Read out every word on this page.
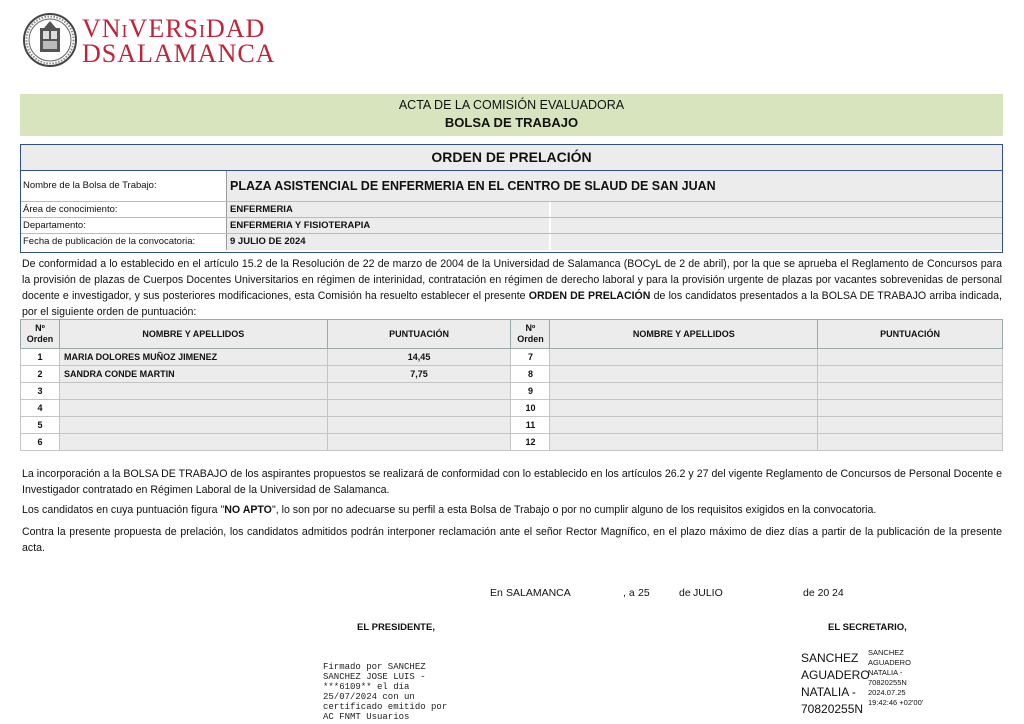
VNiVERSiDAD
DSALAMANCA
ACTA DE LA COMISIÓN EVALUADORA
BOLSA DE TRABAJO
ORDEN DE PRELACIÓN
Nombre de la Bolsa de Trabajo:	PLAZA ASISTENCIAL DE ENFERMERIA EN EL CENTRO DE SLAUD DE SAN JUAN
Área de conocimiento:	ENFERMERIA
Departamento:	ENFERMERIA Y FISIOTERAPIA
Fecha de publicación de la convocatoria:	9 JULIO DE 2024
De conformidad a lo establecido en el artículo 15.2 de la Resolución de 22 de marzo de 2004 de la Universidad de Salamanca (BOCyL de 2 de abril), por la que se aprueba el Reglamento de Concursos para la provisión de plazas de Cuerpos Docentes Universitarios en régimen de interinidad, contratación en régimen de derecho laboral y para la provisión urgente de plazas por vacantes sobrevenidas de personal docente e investigador, y sus posteriores modificaciones, esta Comisión ha resuelto establecer el presente ORDEN DE PRELACIÓN de los candidatos presentados a la BOLSA DE TRABAJO arriba indicada, por el siguiente orden de puntuación:
Nº Orden	NOMBRE Y APELLIDOS	PUNTUACIÓN	Nº Orden	NOMBRE Y APELLIDOS	PUNTUACIÓN
1	MARIA DOLORES MUÑOZ JIMENEZ	14,45	7		
2	SANDRA CONDE MARTIN	7,75	8		
3			9		
4			10		
5			11		
6			12		
La incorporación a la BOLSA DE TRABAJO de los aspirantes propuestos se realizará de conformidad con lo establecido en los artículos 26.2 y 27 del vigente Reglamento de Concursos de Personal Docente e Investigador contratado en Régimen Laboral de la Universidad de Salamanca.
Los candidatos en cuya puntuación figura "NO APTO", lo son por no adecuarse su perfil a esta Bolsa de Trabajo o por no cumplir alguno de los requisitos exigidos en la convocatoria.
Contra la presente propuesta de prelación, los candidatos admitidos podrán interponer reclamación ante el señor Rector Magnífico, en el plazo máximo de diez días a partir de la publicación de la presente acta.
En SALAMANCA	, a 25	de JULIO	de 20 24
EL PRESIDENTE,	EL SECRETARIO,
Firmado por SANCHEZ
SANCHEZ JOSE LUIS -
***6109** el día
25/07/2024 con un
certificado emitido por
AC FNMT Usuarios
SANCHEZ
AGUADERO
NATALIA -
70820255N
SANCHEZ
AGUADERO
NATALIA -
70820255N
2024.07.25
19:42:46 +02'00'
